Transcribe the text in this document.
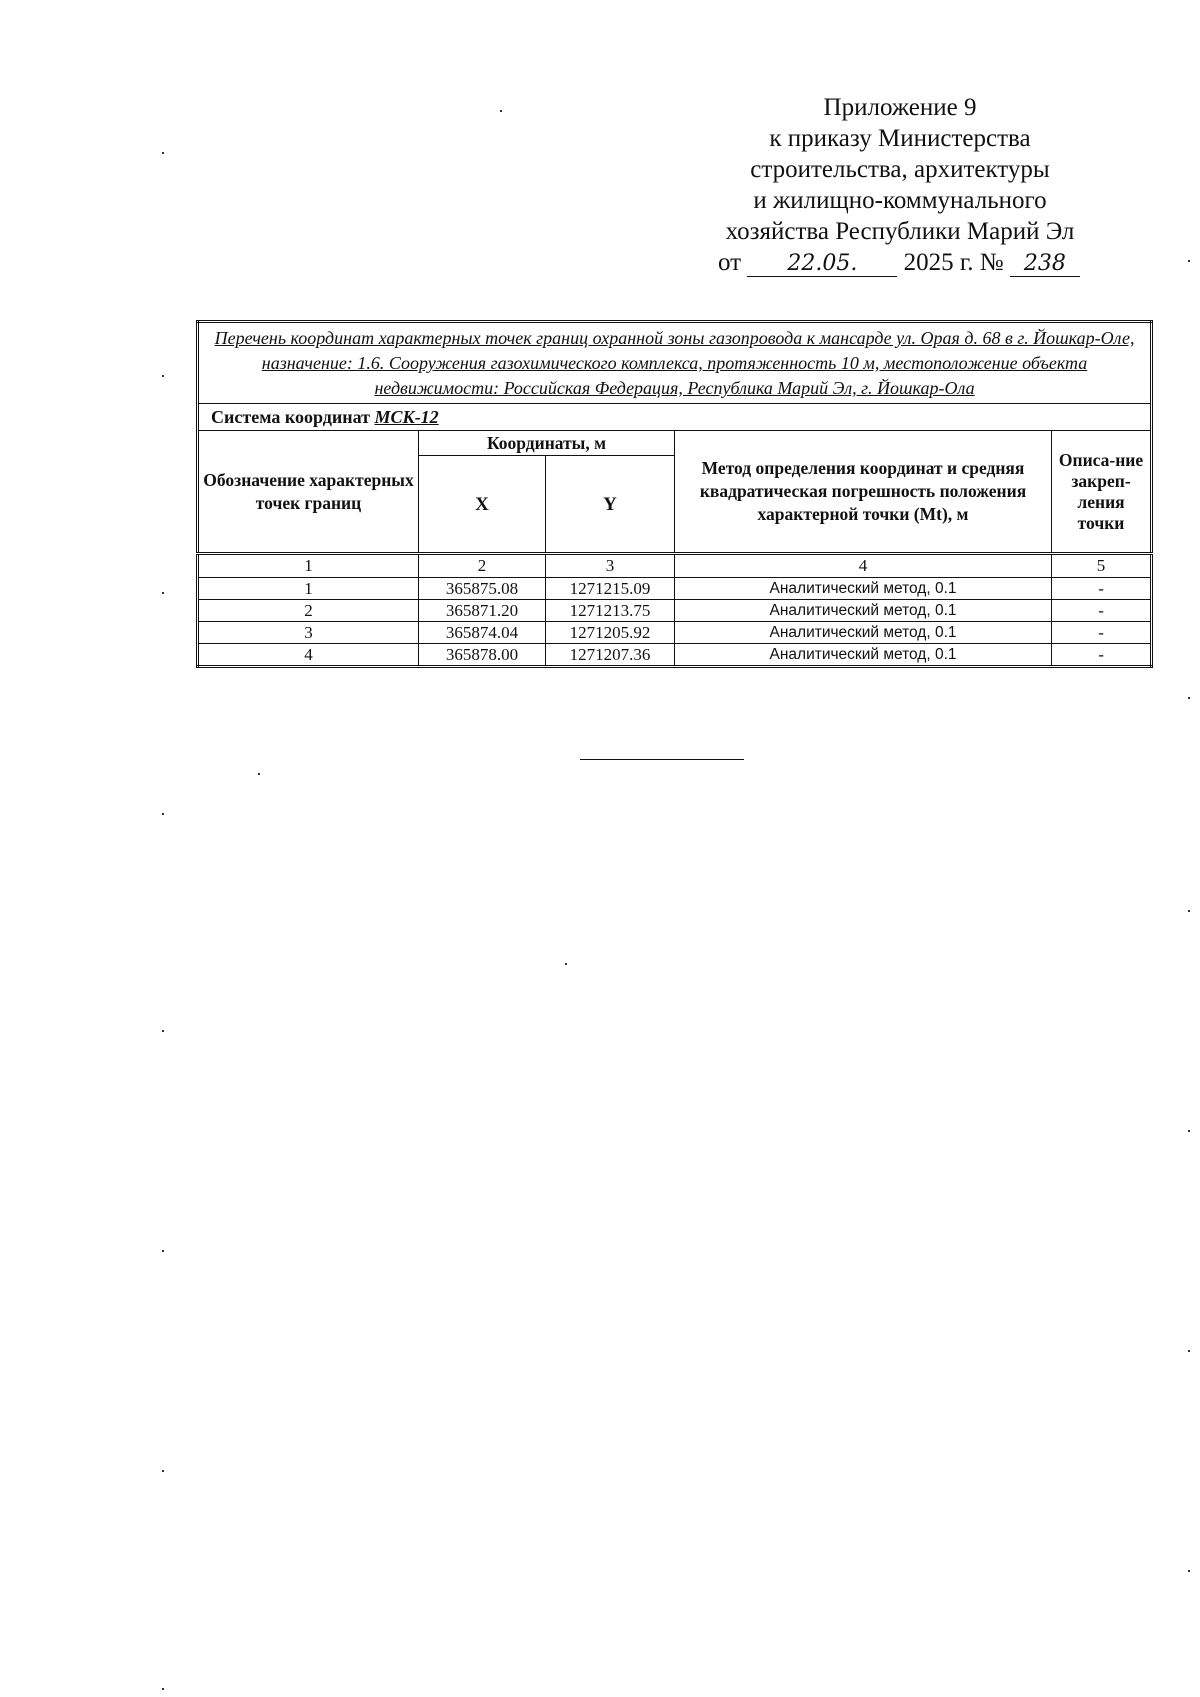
Приложение 9
к приказу Министерства
строительства, архитектуры
и жилищно-коммунального
хозяйства Республики Марий Эл
от 22.05. 2025 г. № 238
Перечень координат характерных точек границ охранной зоны газопровода к мансарде ул. Орая д. 68 в г. Йошкар-Оле, назначение: 1.6. Сооружения газохимического комплекса, протяженность 10 м, местоположение объекта недвижимости: Российская Федерация, Республика Марий Эл, г. Йошкар-Ола				
Система координат МСК-12				
Обозначение характерных точек границ	Координаты, м		Метод определения координат и средняя квадратическая погрешность положения характерной точки (Mt), м	Описа-ние закреп-ления точки
	X	Y		
1	2	3	4	5
1	365875.08	1271215.09	Аналитический метод, 0.1	-
2	365871.20	1271213.75	Аналитический метод, 0.1	-
3	365874.04	1271205.92	Аналитический метод, 0.1	-
4	365878.00	1271207.36	Аналитический метод, 0.1	-
